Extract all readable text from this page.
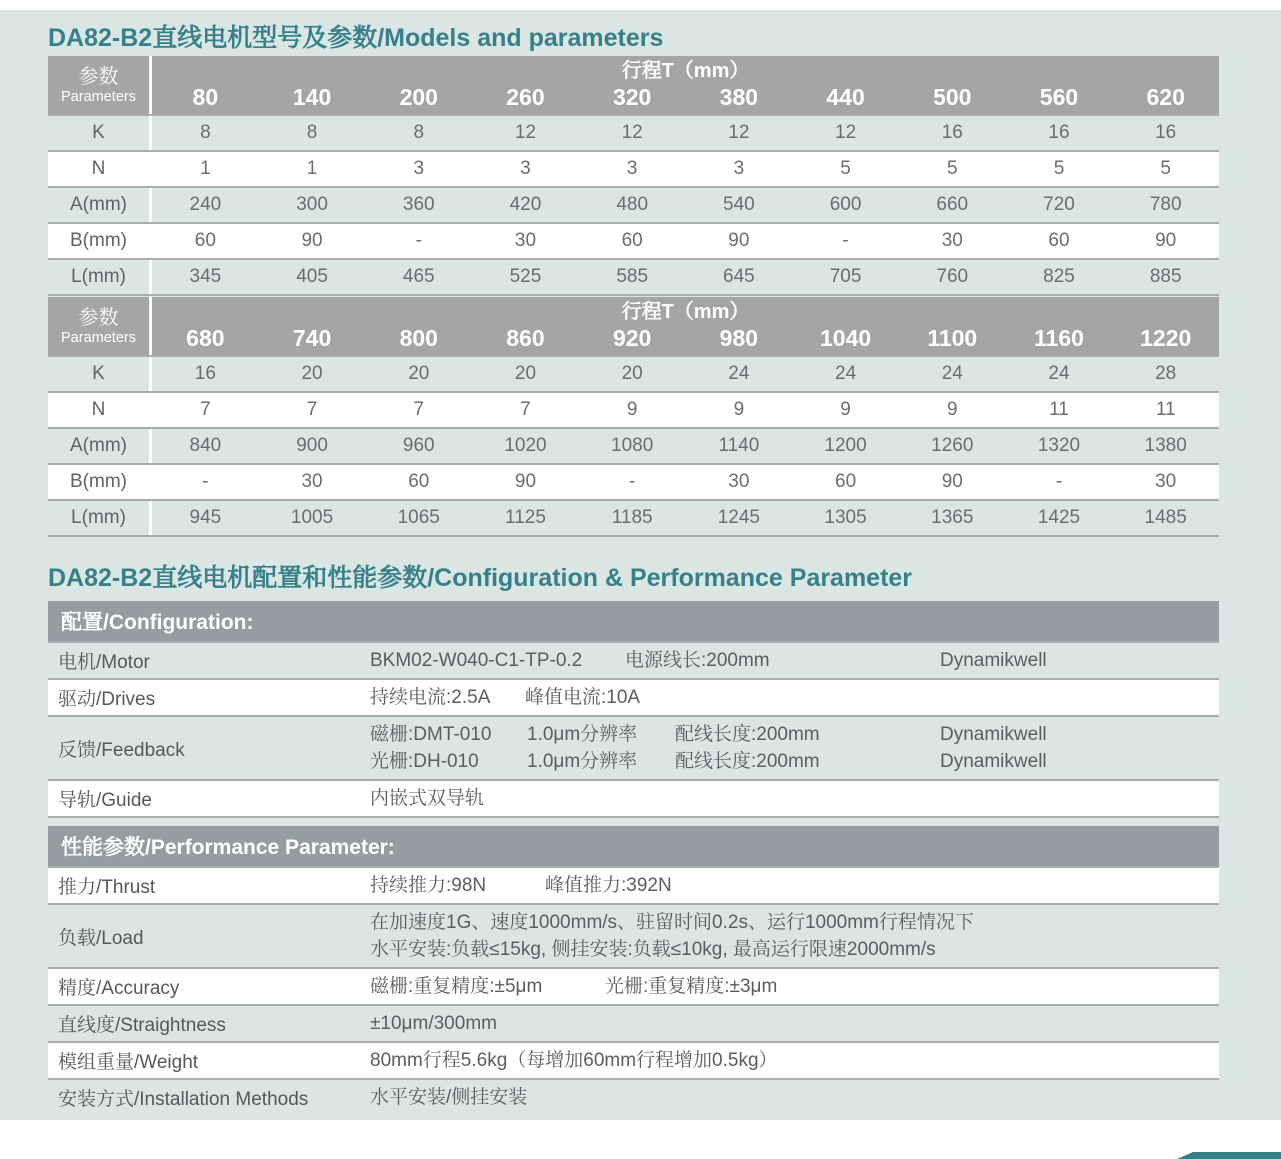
DA82-B2直线电机型号及参数/Models and parameters
参数
Parameters
行程T（mm）
80	140	200	260	320	380	440	500	560	620
K	8	8	8	12	12	12	12	16	16	16
N	1	1	3	3	3	3	5	5	5	5
A(mm)	240	300	360	420	480	540	600	660	720	780
B(mm)	60	90	-	30	60	90	-	30	60	90
L(mm)	345	405	465	525	585	645	705	760	825	885
参数
Parameters
行程T（mm）
680	740	800	860	920	980	1040	1100	1160	1220
K	16	20	20	20	20	24	24	24	24	28
N	7	7	7	7	9	9	9	9	11	11
A(mm)	840	900	960	1020	1080	1140	1200	1260	1320	1380
B(mm)	-	30	60	90	-	30	60	90	-	30
L(mm)	945	1005	1065	1125	1185	1245	1305	1365	1425	1485
DA82-B2直线电机配置和性能参数/Configuration & Performance Parameter
配置/Configuration:
电机/Motor	BKM02-W040-C1-TP-0.2	电源线长:200mm	Dynamikwell
驱动/Drives	持续电流:2.5A	峰值电流:10A
反馈/Feedback
磁栅:DMT-010	1.0μm分辨率	配线长度:200mm	Dynamikwell
光栅:DH-010	1.0μm分辨率	配线长度:200mm	Dynamikwell
导轨/Guide	内嵌式双导轨
性能参数/Performance Parameter:
推力/Thrust	持续推力:98N	峰值推力:392N
负载/Load
在加速度1G、速度1000mm/s、驻留时间0.2s、运行1000mm行程情况下
水平安装:负载≤15kg, 侧挂安装:负载≤10kg, 最高运行限速2000mm/s
精度/Accuracy	磁栅:重复精度:±5μm	光栅:重复精度:±3μm
直线度/Straightness	±10μm/300mm
模组重量/Weight	80mm行程5.6kg（每增加60mm行程增加0.5kg）
安装方式/Installation Methods	水平安装/侧挂安装
